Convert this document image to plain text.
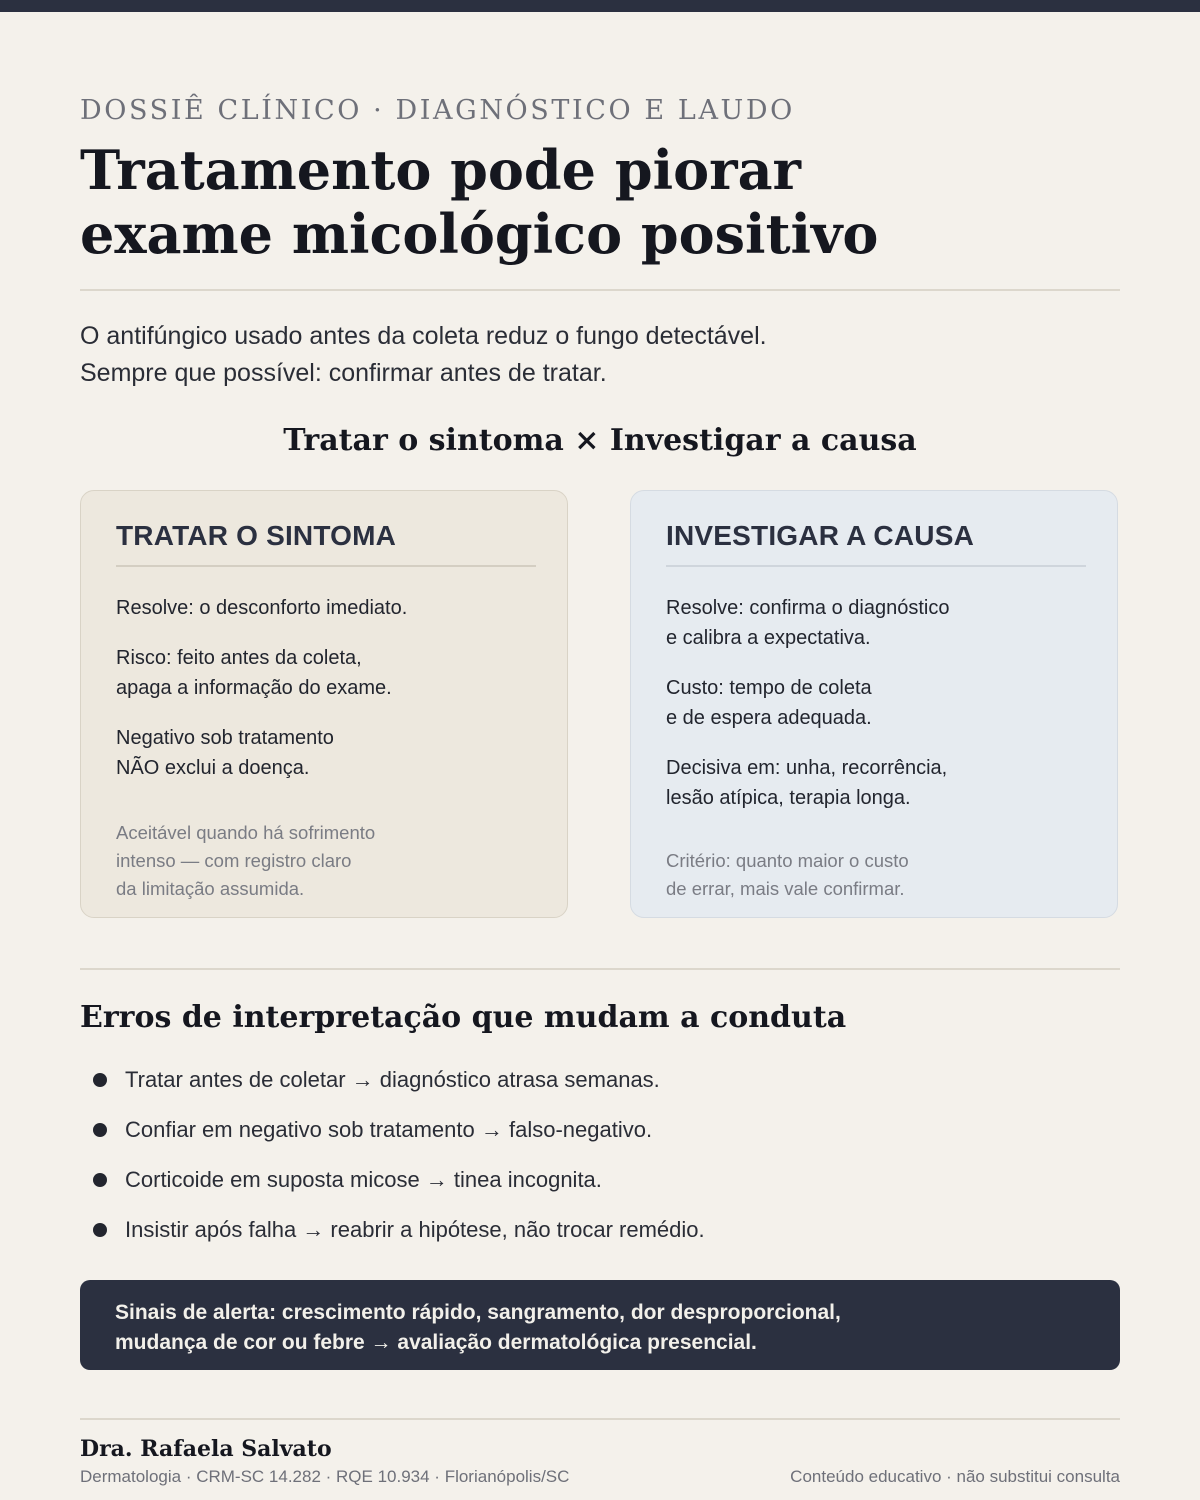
DOSSIÊ CLÍNICO · DIAGNÓSTICO E LAUDO
Tratamento pode piorar
exame micológico positivo
O antifúngico usado antes da coleta reduz o fungo detectável.
Sempre que possível: confirmar antes de tratar.
Tratar o sintoma × Investigar a causa
TRATAR O SINTOMA
Resolve: o desconforto imediato.
Risco: feito antes da coleta,
apaga a informação do exame.
Negativo sob tratamento
NÃO exclui a doença.
Aceitável quando há sofrimento
intenso — com registro claro
da limitação assumida.
INVESTIGAR A CAUSA
Resolve: confirma o diagnóstico
e calibra a expectativa.
Custo: tempo de coleta
e de espera adequada.
Decisiva em: unha, recorrência,
lesão atípica, terapia longa.
Critério: quanto maior o custo
de errar, mais vale confirmar.
Erros de interpretação que mudam a conduta
Tratar antes de coletar → diagnóstico atrasa semanas.
Confiar em negativo sob tratamento → falso-negativo.
Corticoide em suposta micose → tinea incognita.
Insistir após falha → reabrir a hipótese, não trocar remédio.
Sinais de alerta: crescimento rápido, sangramento, dor desproporcional,
mudança de cor ou febre → avaliação dermatológica presencial.
Dra. Rafaela Salvato
Dermatologia · CRM-SC 14.282 · RQE 10.934 · Florianópolis/SC	Conteúdo educativo · não substitui consulta
